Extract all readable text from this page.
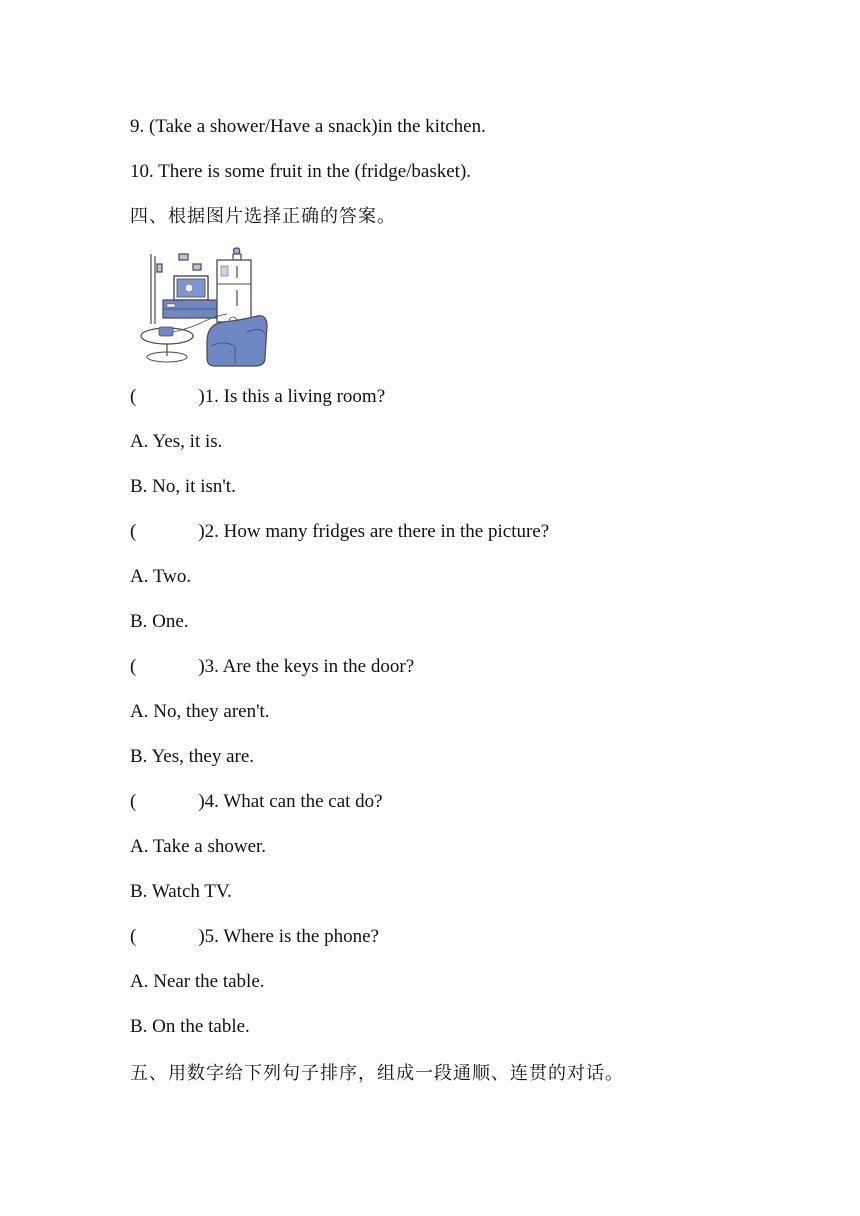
9. (Take a shower/Have a snack)in the kitchen.
10. There is some fruit in the (fridge/basket).
四、根据图片选择正确的答案。
(	)1. Is this a living room?
A. Yes, it is.
B. No, it isn't.
(	)2. How many fridges are there in the picture?
A. Two.
B. One.
(	)3. Are the keys in the door?
A. No, they aren't.
B. Yes, they are.
(	)4. What can the cat do?
A. Take a shower.
B. Watch TV.
(	)5. Where is the phone?
A. Near the table.
B. On the table.
五、用数字给下列句子排序，组成一段通顺、连贯的对话。
